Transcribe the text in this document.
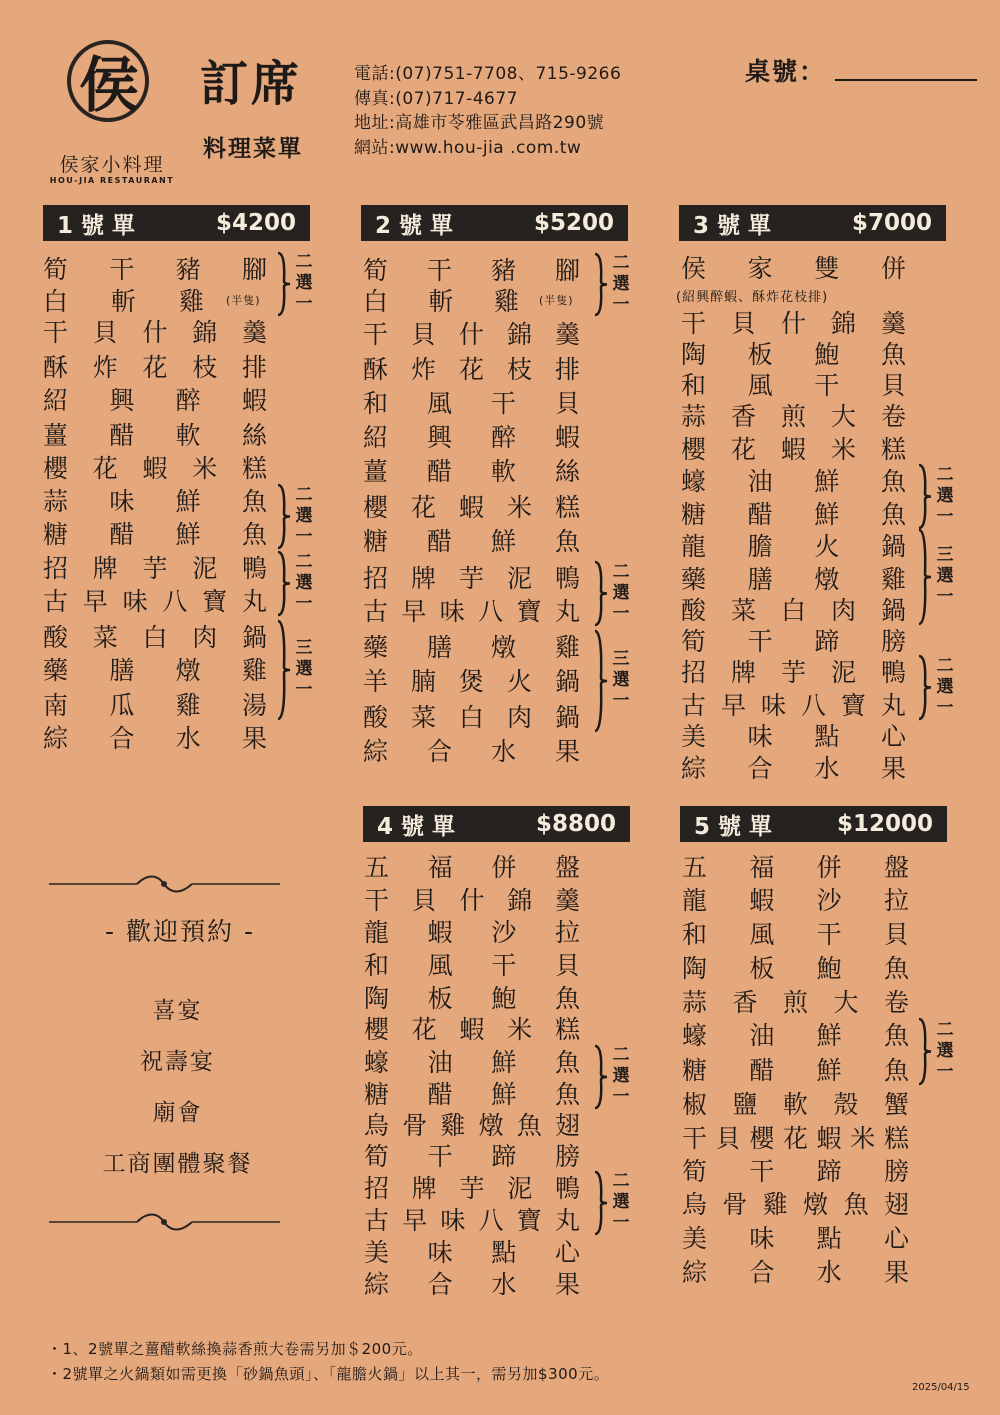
侯
侯家小料理
HOU-JIA RESTAURANT
訂席
料理菜單
電話:(07)751-7708、715-9266
傳真:(07)717-4677
地址:高雄市苓雅區武昌路290號
網站:www.hou-jia .com.tw
桌號：
1 號 單	$4200	2 號 單	$5200	3 號 單	$7000
4 號 單	$8800	5 號 單	$12000
筍 干 豬 腳
白 斬 雞
干 貝 什 錦 羹
酥 炸 花 枝 排
紹 興 醉 蝦
薑 醋 軟 絲
櫻 花 蝦 米 糕
蒜 味 鮮 魚
糖 醋 鮮 魚
招 牌 芋 泥 鴨
古 早 味 八 寶 丸
酸 菜 白 肉 鍋
藥 膳 燉 雞
南 瓜 雞 湯
綜 合 水 果
(半隻)
二
選
一
二
選
一
二
選
一
三
選
一
筍 干 豬 腳
白 斬 雞
干 貝 什 錦 羹
酥 炸 花 枝 排
和 風 干 貝
紹 興 醉 蝦
薑 醋 軟 絲
櫻 花 蝦 米 糕
糖 醋 鮮 魚
招 牌 芋 泥 鴨
古 早 味 八 寶 丸
藥 膳 燉 雞
羊 腩 煲 火 鍋
酸 菜 白 肉 鍋
綜 合 水 果
(半隻)
二
選
一
二
選
一
三
選
一
侯 家 雙 併
干 貝 什 錦 羹
陶 板 鮑 魚
和 風 干 貝
蒜 香 煎 大 卷
櫻 花 蝦 米 糕
蠔 油 鮮 魚
糖 醋 鮮 魚
龍 膽 火 鍋
藥 膳 燉 雞
酸 菜 白 肉 鍋
筍 干 蹄 膀
招 牌 芋 泥 鴨
古 早 味 八 寶 丸
美 味 點 心
綜 合 水 果
(紹興醉蝦、酥炸花枝排)
二
選
一
三
選
一
二
選
一
五 福 併 盤
干 貝 什 錦 羹
龍 蝦 沙 拉
和 風 干 貝
陶 板 鮑 魚
櫻 花 蝦 米 糕
蠔 油 鮮 魚
糖 醋 鮮 魚
烏 骨 雞 燉 魚 翅
筍 干 蹄 膀
招 牌 芋 泥 鴨
古 早 味 八 寶 丸
美 味 點 心
綜 合 水 果
二
選
一
二
選
一
五 福 併 盤
龍 蝦 沙 拉
和 風 干 貝
陶 板 鮑 魚
蒜 香 煎 大 卷
蠔 油 鮮 魚
糖 醋 鮮 魚
椒 鹽 軟 殼 蟹
干 貝 櫻 花 蝦 米 糕
筍 干 蹄 膀
烏 骨 雞 燉 魚 翅
美 味 點 心
綜 合 水 果
二
選
一
- 歡迎預約 -
喜宴
祝壽宴
廟會
工商團體聚餐
・1、2號單之薑醋軟絲換蒜香煎大卷需另加＄200元。
・2號單之火鍋類如需更換「砂鍋魚頭」、「龍膽火鍋」以上其一，需另加$300元。
2025/04/15
